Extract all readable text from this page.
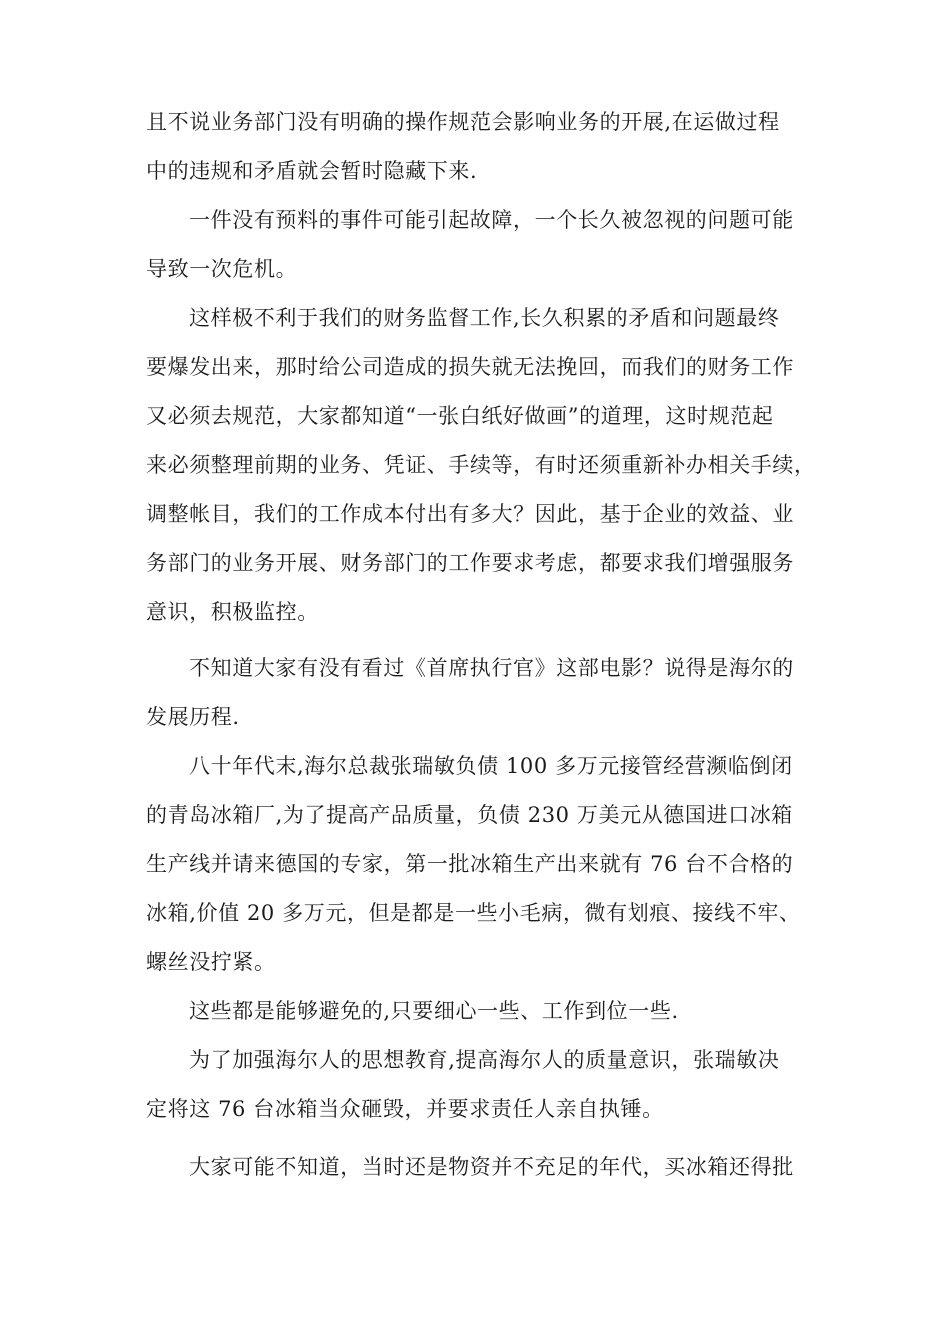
且不说业务部门没有明确的操作规范会影响业务的开展,在运做过程
中的违规和矛盾就会暂时隐藏下来.
一件没有预料的事件可能引起故障，一个长久被忽视的问题可能
导致一次危机。
这样极不利于我们的财务监督工作,长久积累的矛盾和问题最终
要爆发出来，那时给公司造成的损失就无法挽回，而我们的财务工作
又必须去规范，大家都知道“一张白纸好做画”的道理，这时规范起
来必须整理前期的业务、凭证、手续等，有时还须重新补办相关手续，
调整帐目，我们的工作成本付出有多大？因此，基于企业的效益、业
务部门的业务开展、财务部门的工作要求考虑，都要求我们增强服务
意识，积极监控。
不知道大家有没有看过《首席执行官》这部电影？说得是海尔的
发展历程.
八十年代末,海尔总裁张瑞敏负债 100 多万元接管经营濒临倒闭
的青岛冰箱厂,为了提高产品质量，负债 230 万美元从德国进口冰箱
生产线并请来德国的专家，第一批冰箱生产出来就有 76 台不合格的
冰箱,价值 20 多万元，但是都是一些小毛病，微有划痕、接线不牢、
螺丝没拧紧。
这些都是能够避免的,只要细心一些、工作到位一些.
为了加强海尔人的思想教育,提高海尔人的质量意识，张瑞敏决
定将这 76 台冰箱当众砸毁，并要求责任人亲自执锤。
大家可能不知道，当时还是物资并不充足的年代，买冰箱还得批
